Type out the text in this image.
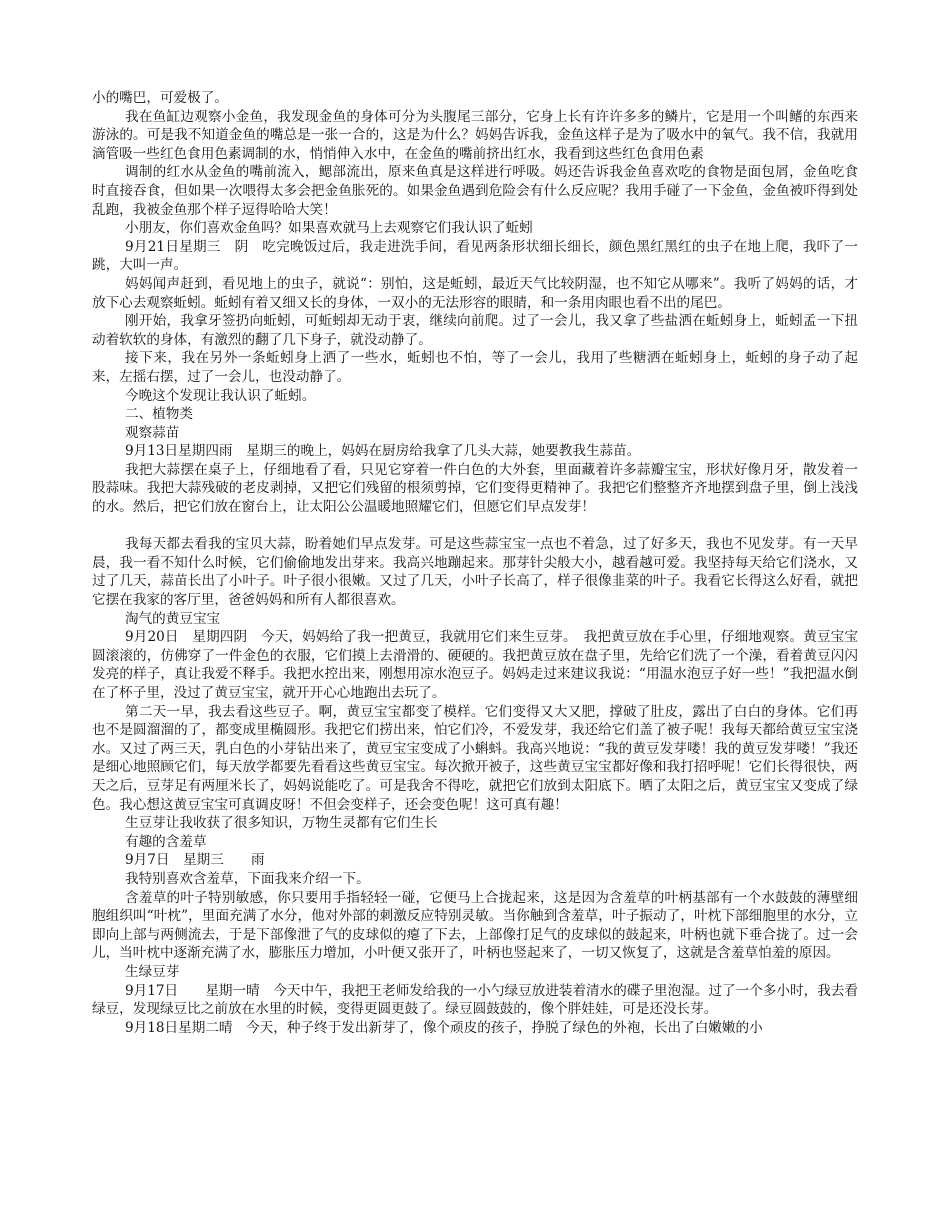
小的嘴巴，可爱极了。

我在鱼缸边观察小金鱼，我发现金鱼的身体可分为头腹尾三部分，它身上长有许许多多的鳞片，它是用一个叫鳍的东西来游泳的。可是我不知道金鱼的嘴总是一张一合的，这是为什么？妈妈告诉我，金鱼这样子是为了吸水中的氧气。我不信，我就用滴管吸一些红色食用色素调制的水，悄悄伸入水中，在金鱼的嘴前挤出红水，我看到这些红色食用色素

调制的红水从金鱼的嘴前流入，鳃部流出，原来鱼真是这样进行呼吸。妈还告诉我金鱼喜欢吃的食物是面包屑，金鱼吃食时直接吞食，但如果一次喂得太多会把金鱼胀死的。如果金鱼遇到危险会有什么反应呢？我用手碰了一下金鱼，金鱼被吓得到处乱跑，我被金鱼那个样子逗得哈哈大笑！

小朋友，你们喜欢金鱼吗？如果喜欢就马上去观察它们我认识了蚯蚓

9月21日星期三　阴　吃完晚饭过后，我走进洗手间，看见两条形状细长细长，颜色黑红黑红的虫子在地上爬，我吓了一跳，大叫一声。

妈妈闻声赶到，看见地上的虫子，就说“：别怕，这是蚯蚓，最近天气比较阴湿，也不知它从哪来”。我听了妈妈的话，才放下心去观察蚯蚓。蚯蚓有着又细又长的身体，一双小的无法形容的眼睛，和一条用肉眼也看不出的尾巴。

刚开始，我拿牙签扔向蚯蚓，可蚯蚓却无动于衷，继续向前爬。过了一会儿，我又拿了些盐洒在蚯蚓身上，蚯蚓孟一下扭动着软软的身体，有激烈的翻了几下身子，就没动静了。

接下来，我在另外一条蚯蚓身上洒了一些水，蚯蚓也不怕，等了一会儿，我用了些糖洒在蚯蚓身上，蚯蚓的身子动了起来，左摇右摆，过了一会儿，也没动静了。

今晚这个发现让我认识了蚯蚓。

二、植物类

观察蒜苗

9月13日星期四雨　星期三的晚上，妈妈在厨房给我拿了几头大蒜，她要教我生蒜苗。

我把大蒜摆在桌子上，仔细地看了看，只见它穿着一件白色的大外套，里面藏着许多蒜瓣宝宝，形状好像月牙，散发着一股蒜味。我把大蒜残破的老皮剥掉，又把它们残留的根须剪掉，它们变得更精神了。我把它们整整齐齐地摆到盘子里，倒上浅浅的水。然后，把它们放在窗台上，让太阳公公温暖地照耀它们，但愿它们早点发芽！

我每天都去看我的宝贝大蒜，盼着她们早点发芽。可是这些蒜宝宝一点也不着急，过了好多天，我也不见发芽。有一天早晨，我一看不知什么时候，它们偷偷地发出芽来。我高兴地蹦起来。那芽针尖般大小，越看越可爱。我坚持每天给它们浇水，又过了几天，蒜苗长出了小叶子。叶子很小很嫩。又过了几天，小叶子长高了，样子很像韭菜的叶子。我看它长得这么好看，就把它摆在我家的客厅里，爸爸妈妈和所有人都很喜欢。

淘气的黄豆宝宝

9月20日　星期四阴　今天，妈妈给了我一把黄豆，我就用它们来生豆芽。　我把黄豆放在手心里，仔细地观察。黄豆宝宝圆滚滚的，仿佛穿了一件金色的衣服，它们摸上去滑滑的、硬硬的。我把黄豆放在盘子里，先给它们洗了一个澡，看着黄豆闪闪发亮的样子，真让我爱不释手。我把水控出来，刚想用凉水泡豆子。妈妈走过来建议我说：“用温水泡豆子好一些！”我把温水倒在了杯子里，没过了黄豆宝宝，就开开心心地跑出去玩了。

第二天一早，我去看这些豆子。啊，黄豆宝宝都变了模样。它们变得又大又肥，撑破了肚皮，露出了白白的身体。它们再也不是圆溜溜的了，都变成里椭圆形。我把它们捞出来，怕它们冷，不爱发芽，我还给它们盖了被子呢！我每天都给黄豆宝宝浇水。又过了两三天，乳白色的小芽钻出来了，黄豆宝宝变成了小蝌蚪。我高兴地说：“我的黄豆发芽喽！我的黄豆发芽喽！”我还是细心地照顾它们，每天放学都要先看看这些黄豆宝宝。每次掀开被子，这些黄豆宝宝都好像和我打招呼呢！它们长得很快，两天之后，豆芽足有两厘米长了，妈妈说能吃了。可是我舍不得吃，就把它们放到太阳底下。晒了太阳之后，黄豆宝宝又变成了绿色。我心想这黄豆宝宝可真调皮呀！不但会变样子，还会变色呢！这可真有趣！

生豆芽让我收获了很多知识，万物生灵都有它们生长

有趣的含羞草

9月7日　星期三　　雨

我特别喜欢含羞草，下面我来介绍一下。

含羞草的叶子特别敏感，你只要用手指轻轻一碰，它便马上合拢起来，这是因为含羞草的叶柄基部有一个水鼓鼓的薄壁细胞组织叫“叶枕”，里面充满了水分，他对外部的刺激反应特别灵敏。当你触到含羞草，叶子振动了，叶枕下部细胞里的水分，立即向上部与两侧流去，于是下部像泄了气的皮球似的瘪了下去，上部像打足气的皮球似的鼓起来，叶柄也就下垂合拢了。过一会儿，当叶枕中逐渐充满了水，膨胀压力增加，小叶便又张开了，叶柄也竖起来了，一切又恢复了，这就是含羞草怕羞的原因。

生绿豆芽

9月17日　　星期一晴　今天中午，我把王老师发给我的一小勺绿豆放进装着清水的碟子里泡湿。过了一个多小时，我去看绿豆，发现绿豆比之前放在水里的时候，变得更圆更鼓了。绿豆圆鼓鼓的，像个胖娃娃，可是还没长芽。

9月18日星期二晴　今天，种子终于发出新芽了，像个顽皮的孩子，挣脱了绿色的外袍，长出了白嫩嫩的小
